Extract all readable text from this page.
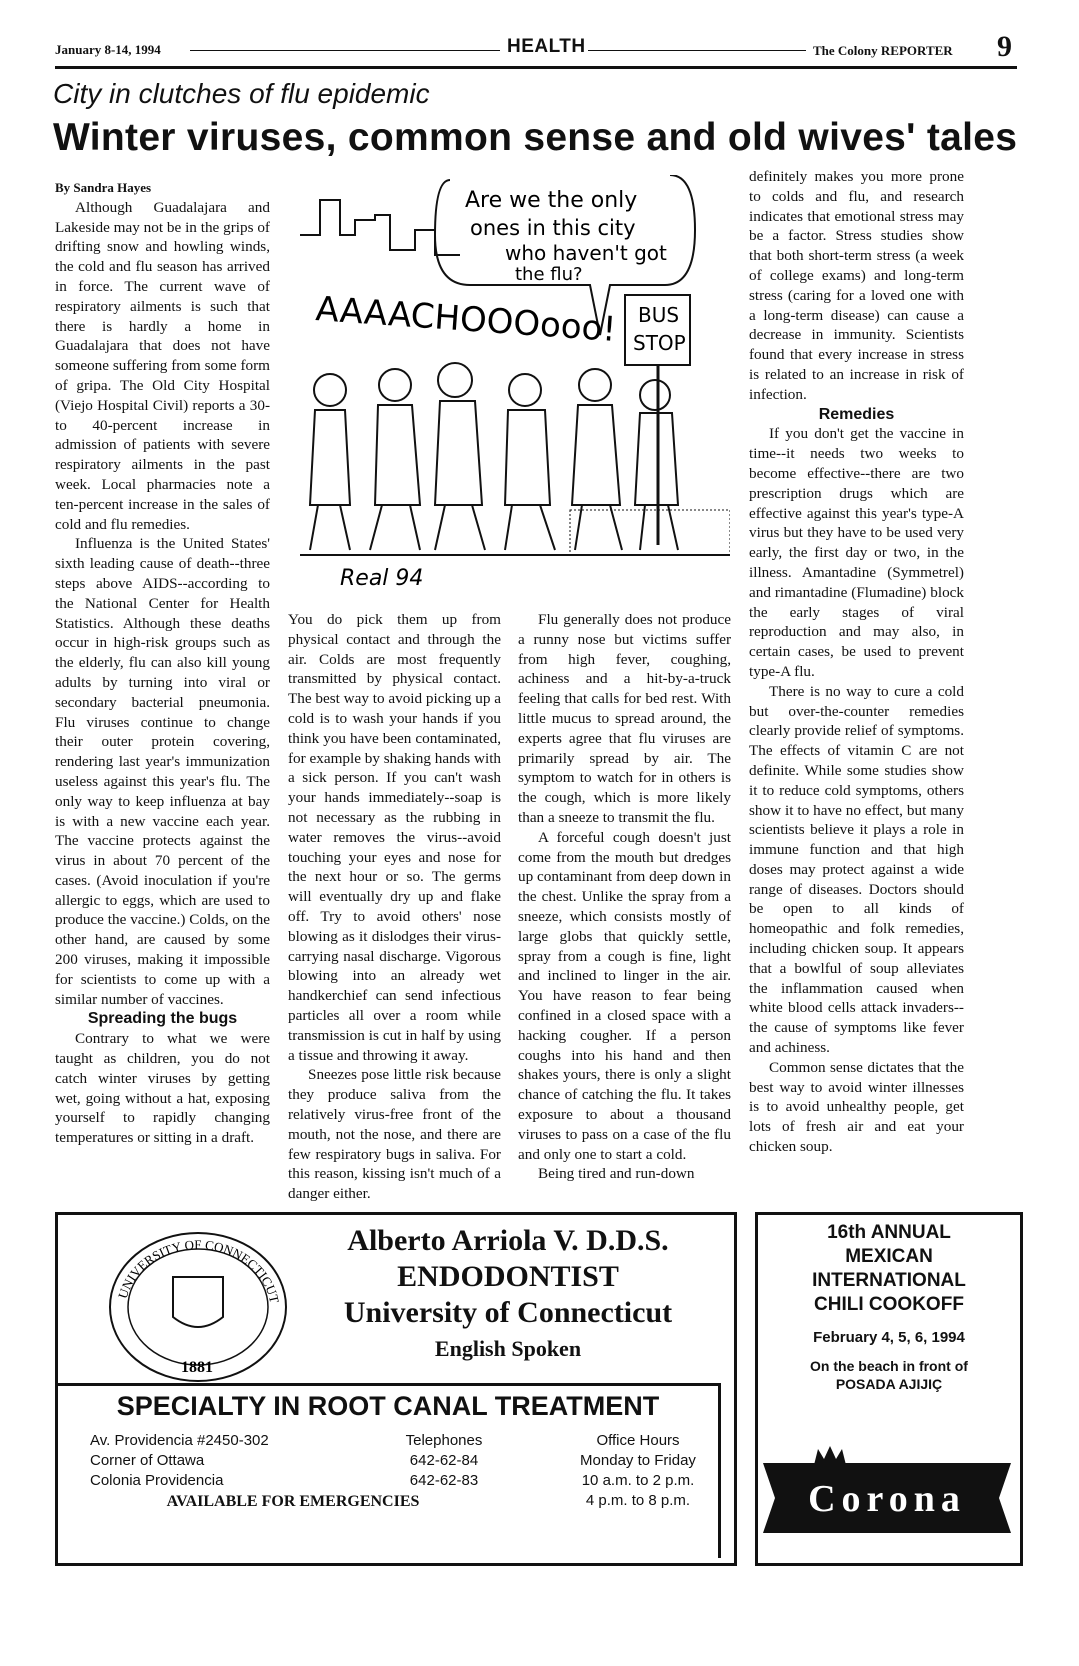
January 8-14, 1994	HEALTH	The Colony REPORTER 9
City in clutches of flu epidemic
Winter viruses, common sense and old wives' tales

By Sandra Hayes

Although Guadalajara and Lakeside may not be in the grips of drifting snow and howling winds, the cold and flu season has arrived in force. The current wave of respiratory ailments is such that there is hardly a home in Guadalajara that does not have someone suffering from some form of gripa. The Old City Hospital (Viejo Hospital Civil) reports a 30- to 40-percent increase in admission of patients with severe respiratory ailments in the past week. Local pharmacies note a ten-percent increase in the sales of cold and flu remedies.

Influenza is the United States' sixth leading cause of death--three steps above AIDS--according to the National Center for Health Statistics. Although these deaths occur in high-risk groups such as the elderly, flu can also kill young adults by turning into viral or secondary bacterial pneumonia. Flu viruses continue to change their outer protein covering, rendering last year's immunization useless against this year's flu. The only way to keep influenza at bay is with a new vaccine each year. The vaccine protects against the virus in about 70 percent of the cases. (Avoid inoculation if you're allergic to eggs, which are used to produce the vaccine.) Colds, on the other hand, are caused by some 200 viruses, making it impossible for scientists to come up with a similar number of vaccines.

Spreading the bugs

Contrary to what we were taught as children, you do not catch winter viruses by getting wet, going without a hat, exposing yourself to rapidly changing temperatures or sitting in a draft.

Are we the only
ones in this city
who haven't got
the flu?
AAAACHOOOooo! BUS
STOP
Real 94

You do pick them up from physical contact and through the air. Colds are most frequently transmitted by physical contact. The best way to avoid picking up a cold is to wash your hands if you think you have been contaminated, for example by shaking hands with a sick person. If you can't wash your hands immediately--soap is not necessary as the rubbing in water removes the virus--avoid touching your eyes and nose for the next hour or so. The germs will eventually dry up and flake off. Try to avoid others' nose blowing as it dislodges their virus-carrying nasal discharge. Vigorous blowing into an already wet handkerchief can send infectious particles all over a room while transmission is cut in half by using a tissue and throwing it away.

Sneezes pose little risk because they produce saliva from the relatively virus-free front of the mouth, not the nose, and there are few respiratory bugs in saliva. For this reason, kissing isn't much of a danger either.

Flu generally does not produce a runny nose but victims suffer from high fever, coughing, achiness and a hit-by-a-truck feeling that calls for bed rest. With little mucus to spread around, the experts agree that flu viruses are primarily spread by air. The symptom to watch for in others is the cough, which is more likely than a sneeze to transmit the flu.

A forceful cough doesn't just come from the mouth but dredges up contaminant from deep down in the chest. Unlike the spray from a sneeze, which consists mostly of large globs that quickly settle, spray from a cough is fine, light and inclined to linger in the air. You have reason to fear being confined in a closed space with a hacking cougher. If a person coughs into his hand and then shakes yours, there is only a slight chance of catching the flu. It takes exposure to about a thousand viruses to pass on a case of the flu and only one to start a cold.

Being tired and run-down

definitely makes you more prone to colds and flu, and research indicates that emotional stress may be a factor. Stress studies show that both short-term stress (a week of college exams) and long-term stress (caring for a loved one with a long-term disease) can cause a decrease in immunity. Scientists found that every increase in stress is related to an increase in risk of infection.

Remedies

If you don't get the vaccine in time--it needs two weeks to become effective--there are two prescription drugs which are effective against this year's type-A virus but they have to be used very early, the first day or two, in the illness. Amantadine (Symmetrel) and rimantadine (Flumadine) block the early stages of viral reproduction and may also, in certain cases, be used to prevent type-A flu.

There is no way to cure a cold but over-the-counter remedies clearly provide relief of symptoms. The effects of vitamin C are not definite. While some studies show it to reduce cold symptoms, others show it to have no effect, but many scientists believe it plays a role in immune function and that high doses may protect against a wide range of diseases. Doctors should be open to all kinds of homeopathic and folk remedies, including chicken soup. It appears that a bowlful of soup alleviates the inflammation caused when white blood cells attack invaders--the cause of symptoms like fever and achiness.

Common sense dictates that the best way to avoid winter illnesses is to avoid unhealthy people, get lots of fresh air and eat your chicken soup.

UNIVERSITY OF CONNECTICUT
1881
Alberto Arriola V. D.D.S.
ENDODONTIST
University of Connecticut
English Spoken
SPECIALTY IN ROOT CANAL TREATMENT
Av. Providencia #2450-302
Corner of Ottawa
Colonia Providencia
Telephones
642-62-84
642-62-83
Office Hours
Monday to Friday
10 a.m. to 2 p.m.
4 p.m. to 8 p.m.
AVAILABLE FOR EMERGENCIES
16th ANNUAL
MEXICAN
INTERNATIONAL
CHILI COOKOFF
February 4, 5, 6, 1994
On the beach in front of
POSADA AJIJIÇ
Corona
